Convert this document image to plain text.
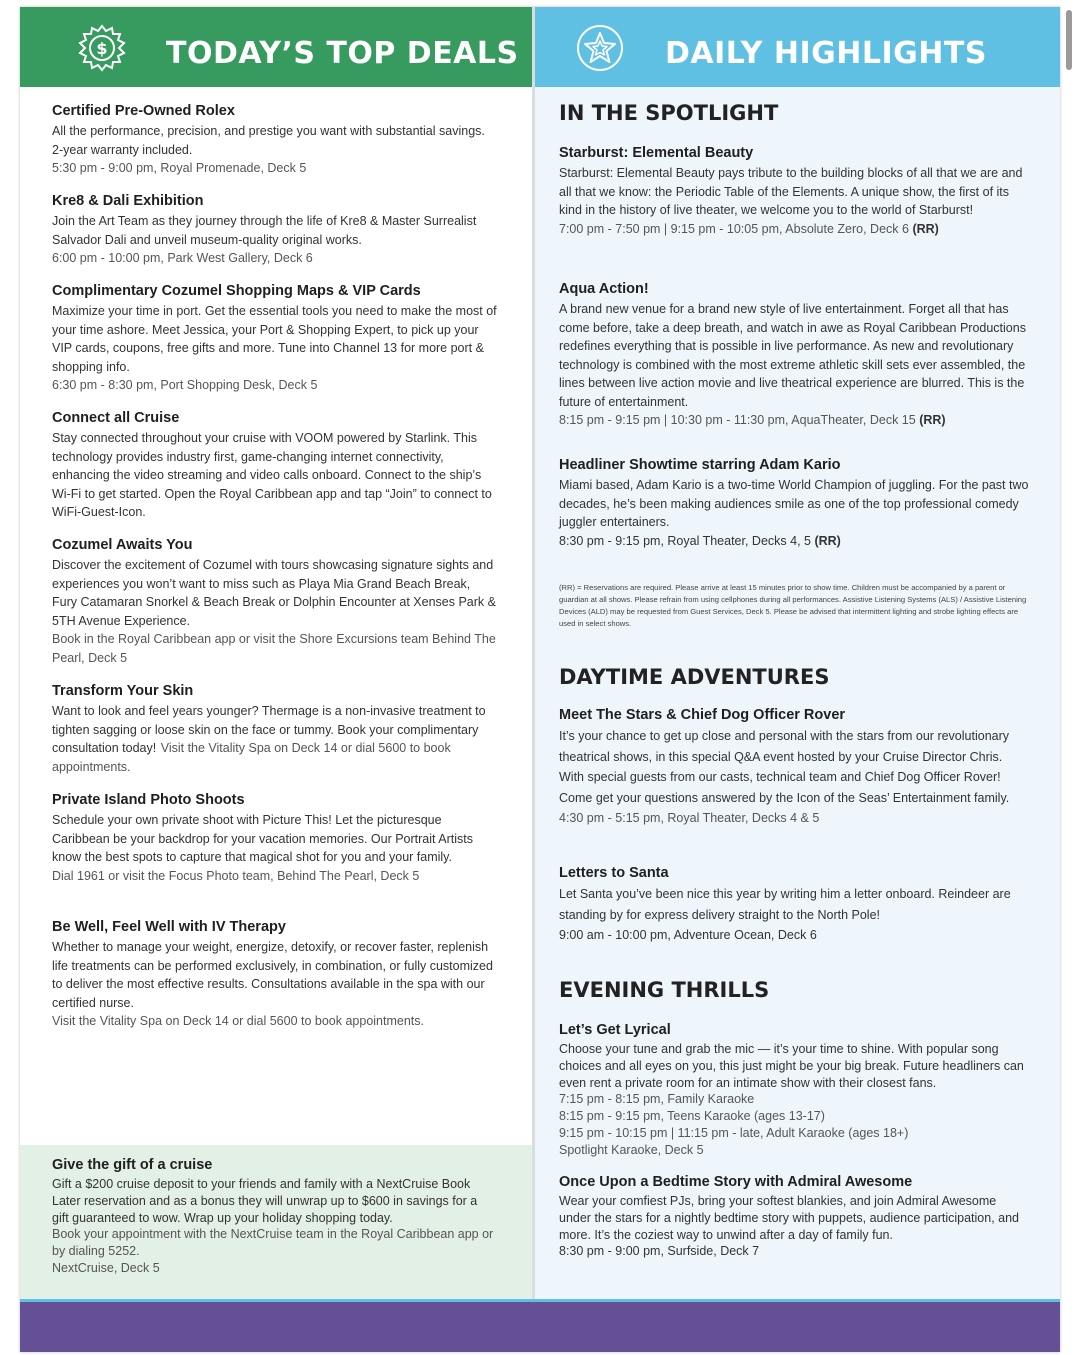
$ TODAY’S TOP DEALS	DAILY HIGHLIGHTS

Certified Pre-Owned Rolex

All the performance, precision, and prestige you want with substantial savings. 2-year warranty included.

5:30 pm - 9:00 pm, Royal Promenade, Deck 5

Kre8 & Dali Exhibition

Join the Art Team as they journey through the life of Kre8 & Master Surrealist Salvador Dali and unveil museum-quality original works.

6:00 pm - 10:00 pm, Park West Gallery, Deck 6

Complimentary Cozumel Shopping Maps & VIP Cards

Maximize your time in port. Get the essential tools you need to make the most of your time ashore. Meet Jessica, your Port & Shopping Expert, to pick up your VIP cards, coupons, free gifts and more. Tune into Channel 13 for more port & shopping info.

6:30 pm - 8:30 pm, Port Shopping Desk, Deck 5

Connect all Cruise

Stay connected throughout your cruise with VOOM powered by Starlink. This technology provides industry first, game-changing internet connectivity, enhancing the video streaming and video calls onboard. Connect to the ship’s Wi-Fi to get started. Open the Royal Caribbean app and tap “Join” to connect to WiFi-Guest-Icon.

Cozumel Awaits You

Discover the excitement of Cozumel with tours showcasing signature sights and experiences you won’t want to miss such as Playa Mia Grand Beach Break, Fury Catamaran Snorkel & Beach Break or Dolphin Encounter at Xenses Park & 5TH Avenue Experience.

Book in the Royal Caribbean app or visit the Shore Excursions team Behind The Pearl, Deck 5

Transform Your Skin

Want to look and feel years younger? Thermage is a non-invasive treatment to tighten sagging or loose skin on the face or tummy. Book your complimentary consultation today! Visit the Vitality Spa on Deck 14 or dial 5600 to book appointments.

Private Island Photo Shoots

Schedule your own private shoot with Picture This! Let the picturesque Caribbean be your backdrop for your vacation memories. Our Portrait Artists know the best spots to capture that magical shot for you and your family.

Dial 1961 or visit the Focus Photo team, Behind The Pearl, Deck 5

Be Well, Feel Well with IV Therapy

Whether to manage your weight, energize, detoxify, or recover faster, replenish life treatments can be performed exclusively, in combination, or fully customized to deliver the most effective results. Consultations available in the spa with our certified nurse.

Visit the Vitality Spa on Deck 14 or dial 5600 to book appointments.

Give the gift of a cruise

Gift a $200 cruise deposit to your friends and family with a NextCruise Book Later reservation and as a bonus they will unwrap up to $600 in savings for a gift guaranteed to wow. Wrap up your holiday shopping today.

Book your appointment with the NextCruise team in the Royal Caribbean app or by dialing 5252.

NextCruise, Deck 5

IN THE SPOTLIGHT

Starburst: Elemental Beauty

Starburst: Elemental Beauty pays tribute to the building blocks of all that we are and all that we know: the Periodic Table of the Elements. A unique show, the first of its kind in the history of live theater, we welcome you to the world of Starburst!

7:00 pm - 7:50 pm | 9:15 pm - 10:05 pm, Absolute Zero, Deck 6 (RR)

Aqua Action!

A brand new venue for a brand new style of live entertainment. Forget all that has come before, take a deep breath, and watch in awe as Royal Caribbean Productions redefines everything that is possible in live performance. As new and revolutionary technology is combined with the most extreme athletic skill sets ever assembled, the lines between live action movie and live theatrical experience are blurred. This is the future of entertainment.

8:15 pm - 9:15 pm | 10:30 pm - 11:30 pm, AquaTheater, Deck 15 (RR)

Headliner Showtime starring Adam Kario

Miami based, Adam Kario is a two-time World Champion of juggling. For the past two decades, he’s been making audiences smile as one of the top professional comedy juggler entertainers.

8:30 pm - 9:15 pm, Royal Theater, Decks 4, 5 (RR)

(RR) = Reservations are required. Please arrive at least 15 minutes prior to show time. Children must be accompanied by a parent or guardian at all shows. Please refrain from using cellphones during all performances. Assistive Listening Systems (ALS) / Assistive Listening Devices (ALD) may be requested from Guest Services, Deck 5. Please be advised that intermittent lighting and strobe lighting effects are used in select shows.

DAYTIME ADVENTURES

Meet The Stars & Chief Dog Officer Rover

It’s your chance to get up close and personal with the stars from our revolutionary theatrical shows, in this special Q&A event hosted by your Cruise Director Chris. With special guests from our casts, technical team and Chief Dog Officer Rover! Come get your questions answered by the Icon of the Seas’ Entertainment family.

4:30 pm - 5:15 pm, Royal Theater, Decks 4 & 5

Letters to Santa

Let Santa you’ve been nice this year by writing him a letter onboard. Reindeer are standing by for express delivery straight to the North Pole!

9:00 am - 10:00 pm, Adventure Ocean, Deck 6

EVENING THRILLS

Let’s Get Lyrical

Choose your tune and grab the mic — it’s your time to shine. With popular song choices and all eyes on you, this just might be your big break. Future headliners can even rent a private room for an intimate show with their closest fans.

7:15 pm - 8:15 pm, Family Karaoke

8:15 pm - 9:15 pm, Teens Karaoke (ages 13-17)

9:15 pm - 10:15 pm | 11:15 pm - late, Adult Karaoke (ages 18+)

Spotlight Karaoke, Deck 5

Once Upon a Bedtime Story with Admiral Awesome

Wear your comfiest PJs, bring your softest blankies, and join Admiral Awesome under the stars for a nightly bedtime story with puppets, audience participation, and more. It’s the coziest way to unwind after a day of family fun.

8:30 pm - 9:00 pm, Surfside, Deck 7
